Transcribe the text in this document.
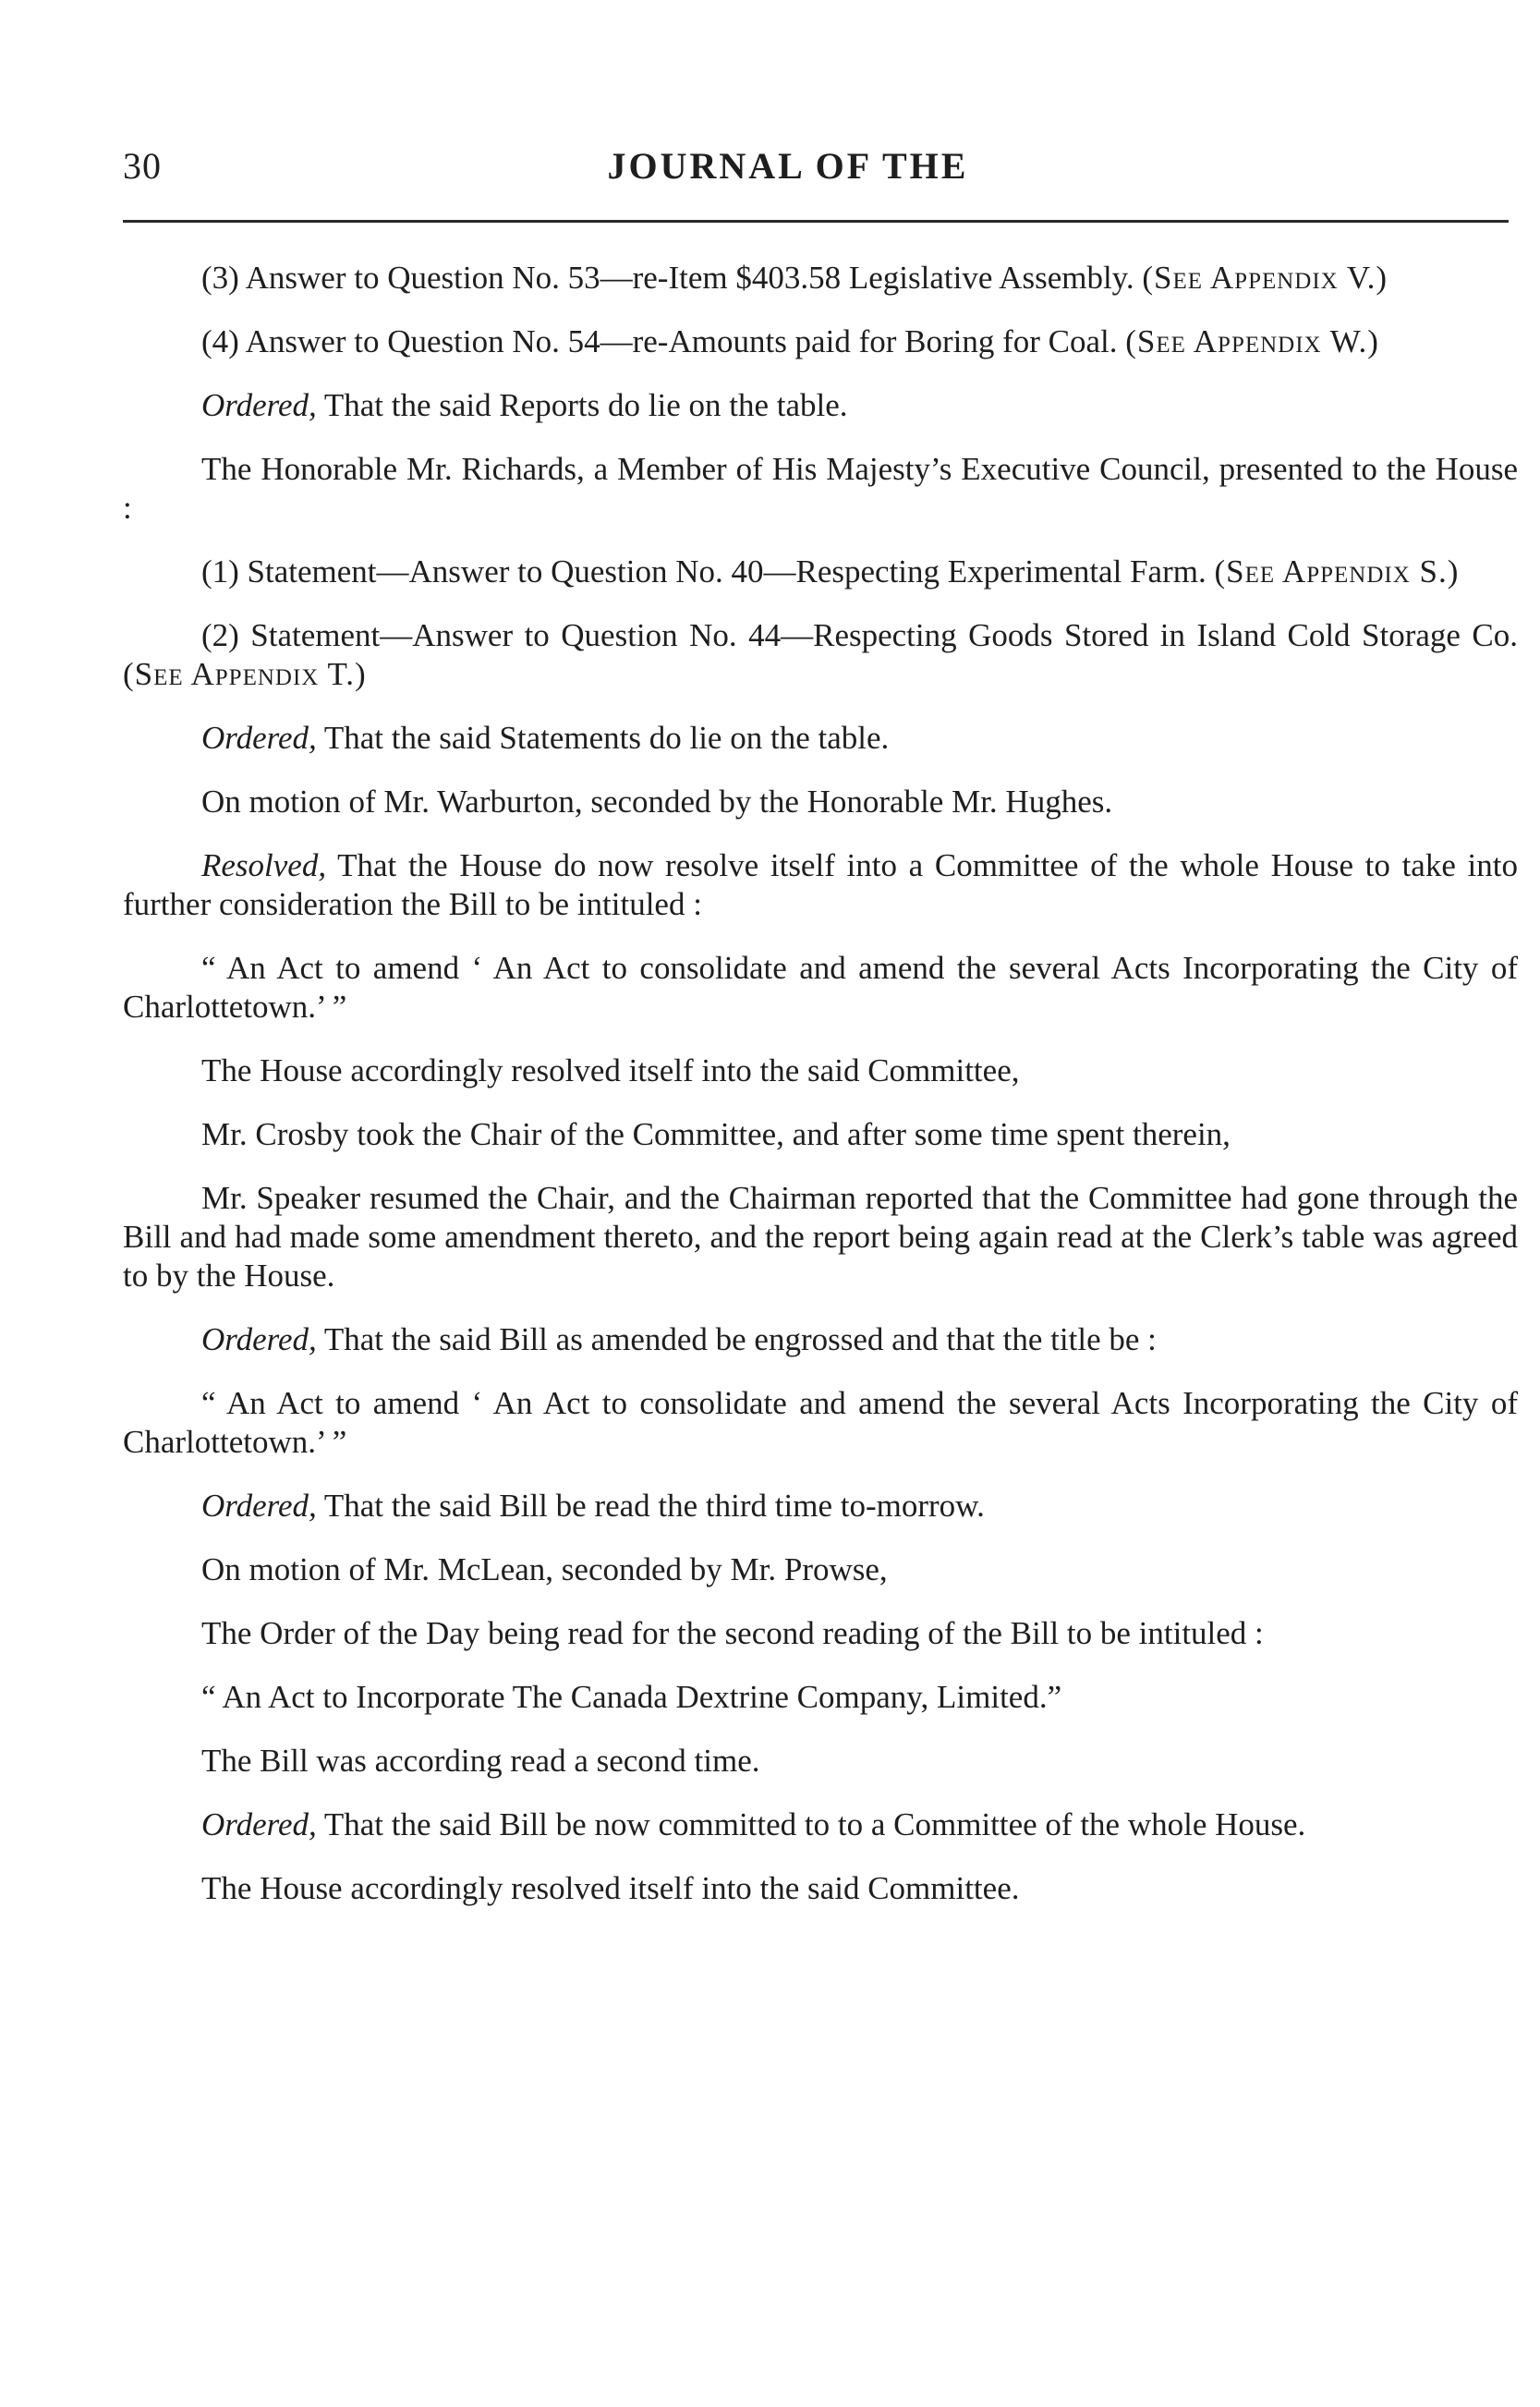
30	JOURNAL OF THE

(3) Answer to Question No. 53—re-Item $403.58 Legislative Assembly. (See Appendix V.)

(4) Answer to Question No. 54—re-Amounts paid for Boring for Coal. (See Appendix W.)

Ordered, That the said Reports do lie on the table.

The Honorable Mr. Richards, a Member of His Majesty’s Executive Council, presented to the House :

(1) Statement—Answer to Question No. 40—Respecting Experimental Farm. (See Appendix S.)

(2) Statement—Answer to Question No. 44—Respecting Goods Stored in Island Cold Storage Co. (See Appendix T.)

Ordered, That the said Statements do lie on the table.

On motion of Mr. Warburton, seconded by the Honorable Mr. Hughes.

Resolved, That the House do now resolve itself into a Committee of the whole House to take into further consideration the Bill to be intituled :

“ An Act to amend ‘ An Act to consolidate and amend the several Acts Incorporating the City of Charlottetown.’ ”

The House accordingly resolved itself into the said Committee,

Mr. Crosby took the Chair of the Committee, and after some time spent therein,

Mr. Speaker resumed the Chair, and the Chairman reported that the Committee had gone through the Bill and had made some amendment thereto, and the report being again read at the Clerk’s table was agreed to by the House.

Ordered, That the said Bill as amended be engrossed and that the title be :

“ An Act to amend ‘ An Act to consolidate and amend the several Acts Incorporating the City of Charlottetown.’ ”

Ordered, That the said Bill be read the third time to-morrow.

On motion of Mr. McLean, seconded by Mr. Prowse,

The Order of the Day being read for the second reading of the Bill to be intituled :

“ An Act to Incorporate The Canada Dextrine Company, Limited.”

The Bill was according read a second time.

Ordered, That the said Bill be now committed to to a Committee of the whole House.

The House accordingly resolved itself into the said Committee.
